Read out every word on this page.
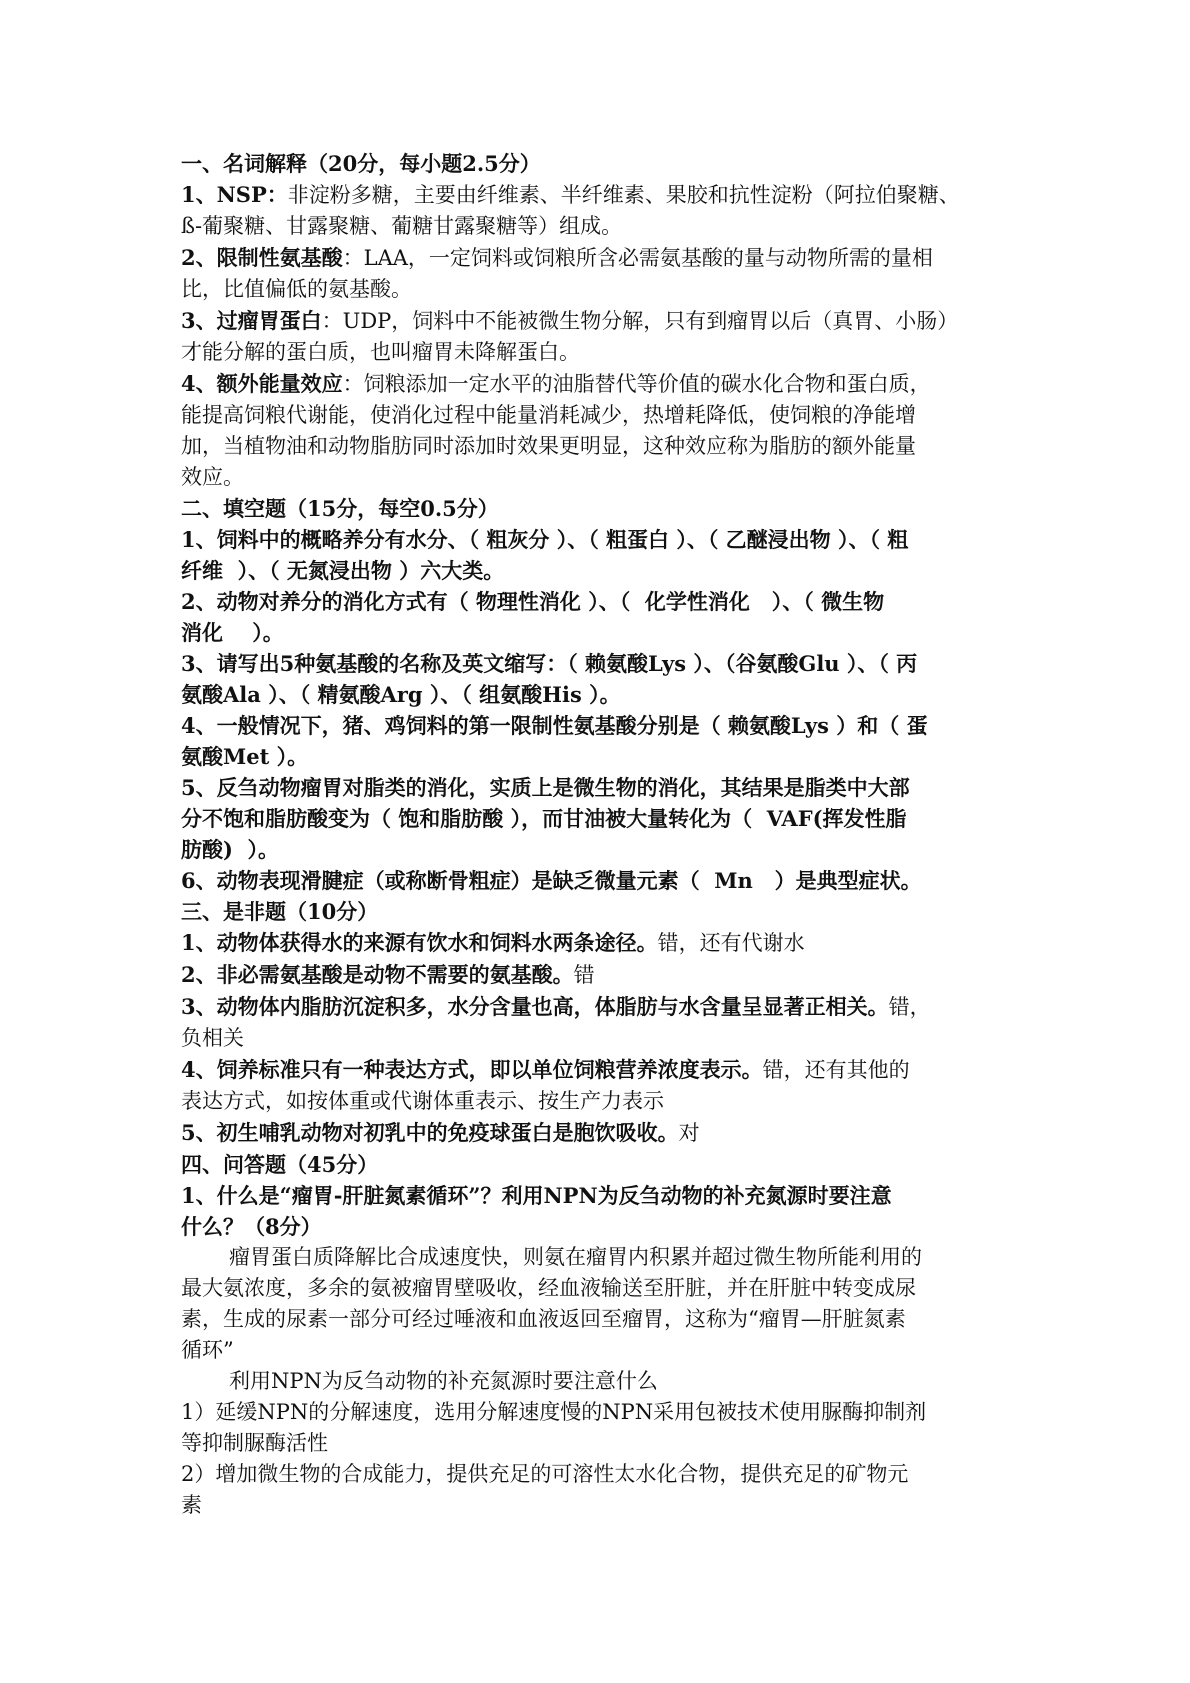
一、名词解释（20分，每小题2.5分）
1、NSP：非淀粉多糖，主要由纤维素、半纤维素、果胶和抗性淀粉（阿拉伯聚糖、
ß-葡聚糖、甘露聚糖、葡糖甘露聚糖等）组成。
2、限制性氨基酸：LAA，一定饲料或饲粮所含必需氨基酸的量与动物所需的量相
比，比值偏低的氨基酸。
3、过瘤胃蛋白：UDP，饲料中不能被微生物分解，只有到瘤胃以后（真胃、小肠）
才能分解的蛋白质，也叫瘤胃未降解蛋白。
4、额外能量效应：饲粮添加一定水平的油脂替代等价值的碳水化合物和蛋白质，
能提高饲粮代谢能，使消化过程中能量消耗减少，热增耗降低，使饲粮的净能增
加，当植物油和动物脂肪同时添加时效果更明显，这种效应称为脂肪的额外能量
效应。
二、填空题（15分，每空0.5分）
1、饲料中的概略养分有水分、（ 粗灰分 ）、（ 粗蛋白 ）、（ 乙醚浸出物 ）、（ 粗
纤维  ）、（ 无氮浸出物 ）六大类。
2、动物对养分的消化方式有（ 物理性消化 ）、（  化学性消化   ）、（ 微生物
消化    ）。
3、请写出5种氨基酸的名称及英文缩写：（ 赖氨酸Lys ）、（谷氨酸Glu ）、（ 丙
氨酸Ala ）、（ 精氨酸Arg ）、（ 组氨酸His ）。
4、一般情况下，猪、鸡饲料的第一限制性氨基酸分别是（ 赖氨酸Lys ）和（ 蛋
氨酸Met ）。
5、反刍动物瘤胃对脂类的消化，实质上是微生物的消化，其结果是脂类中大部
分不饱和脂肪酸变为（ 饱和脂肪酸 ），而甘油被大量转化为（  VAF(挥发性脂
肪酸)  ）。
6、动物表现滑腱症（或称断骨粗症）是缺乏微量元素（  Mn   ）是典型症状。
三、是非题（10分）
1、动物体获得水的来源有饮水和饲料水两条途径。错，还有代谢水
2、非必需氨基酸是动物不需要的氨基酸。错
3、动物体内脂肪沉淀积多，水分含量也高，体脂肪与水含量呈显著正相关。错，
负相关
4、饲养标准只有一种表达方式，即以单位饲粮营养浓度表示。错，还有其他的
表达方式，如按体重或代谢体重表示、按生产力表示
5、初生哺乳动物对初乳中的免疫球蛋白是胞饮吸收。对
四、问答题（45分）
1、什么是“瘤胃-肝脏氮素循环”？利用NPN为反刍动物的补充氮源时要注意
什么？（8分）
瘤胃蛋白质降解比合成速度快，则氨在瘤胃内积累并超过微生物所能利用的
最大氨浓度，多余的氨被瘤胃壁吸收，经血液输送至肝脏，并在肝脏中转变成尿
素，生成的尿素一部分可经过唾液和血液返回至瘤胃，这称为“瘤胃—肝脏氮素
循环”
利用NPN为反刍动物的补充氮源时要注意什么
1）延缓NPN的分解速度，选用分解速度慢的NPN采用包被技术使用脲酶抑制剂
等抑制脲酶活性
2）增加微生物的合成能力，提供充足的可溶性太水化合物，提供充足的矿物元
素
